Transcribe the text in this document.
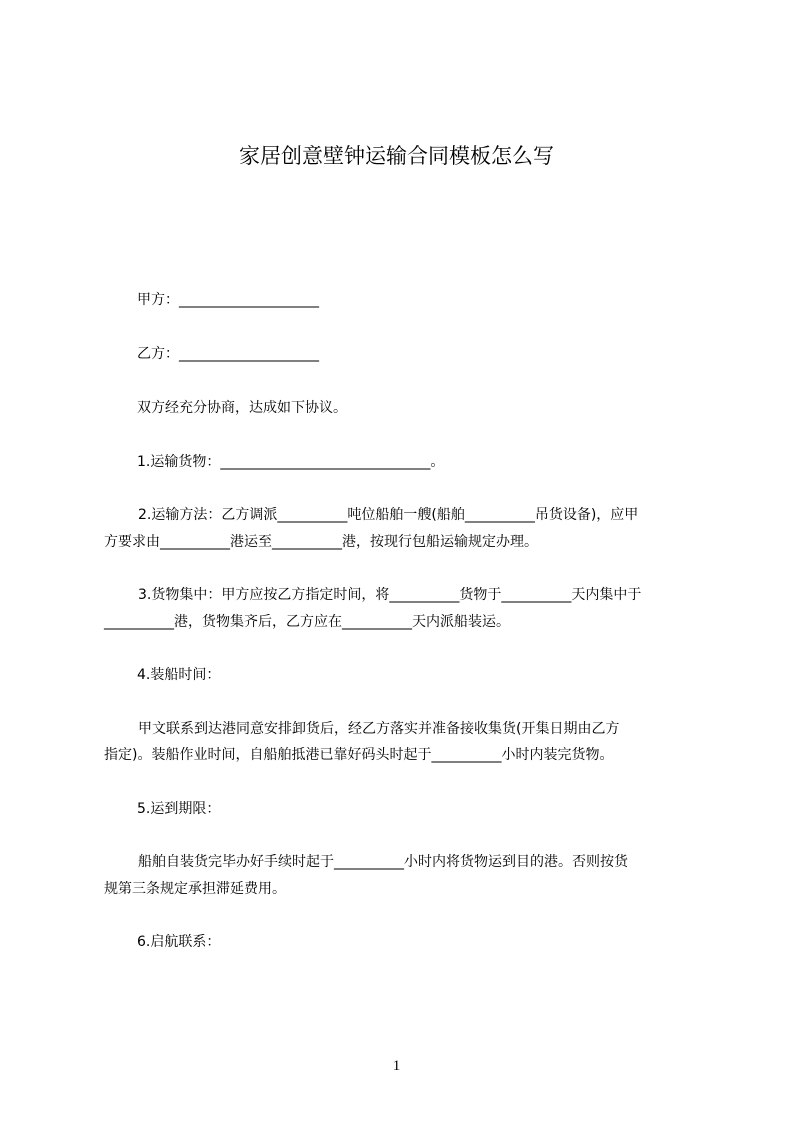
家居创意壁钟运输合同模板怎么写

甲方：____________________

乙方：____________________

双方经充分协商，达成如下协议。

1.运输货物：______________________________。

2.运输方法：乙方调派__________吨位船舶一艘(船舶__________吊货设备)，应甲

方要求由__________港运至__________港，按现行包船运输规定办理。

3.货物集中：甲方应按乙方指定时间，将__________货物于__________天内集中于

__________港，货物集齐后，乙方应在__________天内派船装运。

4.装船时间：

甲文联系到达港同意安排卸货后，经乙方落实并准备接收集货(开集日期由乙方

指定)。装船作业时间，自船舶抵港已靠好码头时起于__________小时内装完货物。

5.运到期限：

船舶自装货完毕办好手续时起于__________小时内将货物运到目的港。否则按货

规第三条规定承担滞延费用。

6.启航联系：

1
